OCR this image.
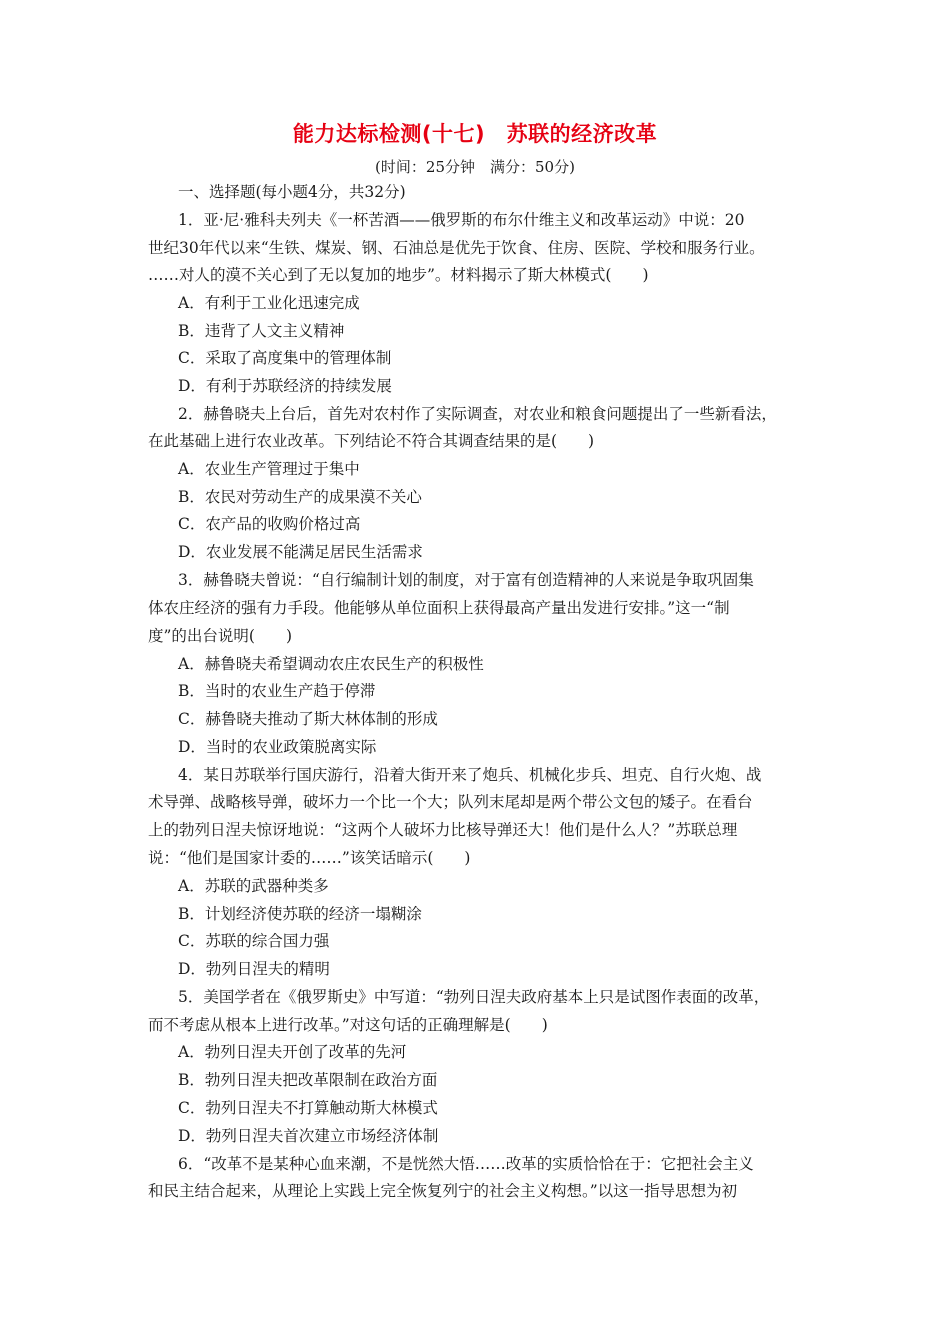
能力达标检测(十七)　苏联的经济改革
(时间：25分钟　满分：50分)
一、选择题(每小题4分，共32分)
1．亚·尼·雅科夫列夫《一杯苦酒——俄罗斯的布尔什维主义和改革运动》中说：20
世纪30年代以来“生铁、煤炭、钢、石油总是优先于饮食、住房、医院、学校和服务行业。
……对人的漠不关心到了无以复加的地步”。材料揭示了斯大林模式(　　)
A．有利于工业化迅速完成
B．违背了人文主义精神
C．采取了高度集中的管理体制
D．有利于苏联经济的持续发展
2．赫鲁晓夫上台后，首先对农村作了实际调查，对农业和粮食问题提出了一些新看法，
在此基础上进行农业改革。下列结论不符合其调查结果的是(　　)
A．农业生产管理过于集中
B．农民对劳动生产的成果漠不关心
C．农产品的收购价格过高
D．农业发展不能满足居民生活需求
3．赫鲁晓夫曾说：“自行编制计划的制度，对于富有创造精神的人来说是争取巩固集
体农庄经济的强有力手段。他能够从单位面积上获得最高产量出发进行安排。”这一“制
度”的出台说明(　　)
A．赫鲁晓夫希望调动农庄农民生产的积极性
B．当时的农业生产趋于停滞
C．赫鲁晓夫推动了斯大林体制的形成
D．当时的农业政策脱离实际
4．某日苏联举行国庆游行，沿着大街开来了炮兵、机械化步兵、坦克、自行火炮、战
术导弹、战略核导弹，破坏力一个比一个大；队列末尾却是两个带公文包的矮子。在看台
上的勃列日涅夫惊讶地说：“这两个人破坏力比核导弹还大！他们是什么人？”苏联总理
说：“他们是国家计委的……”该笑话暗示(　　)
A．苏联的武器种类多
B．计划经济使苏联的经济一塌糊涂
C．苏联的综合国力强
D．勃列日涅夫的精明
5．美国学者在《俄罗斯史》中写道：“勃列日涅夫政府基本上只是试图作表面的改革，
而不考虑从根本上进行改革。”对这句话的正确理解是(　　)
A．勃列日涅夫开创了改革的先河
B．勃列日涅夫把改革限制在政治方面
C．勃列日涅夫不打算触动斯大林模式
D．勃列日涅夫首次建立市场经济体制
6．“改革不是某种心血来潮，不是恍然大悟……改革的实质恰恰在于：它把社会主义
和民主结合起来，从理论上实践上完全恢复列宁的社会主义构想。”以这一指导思想为初
